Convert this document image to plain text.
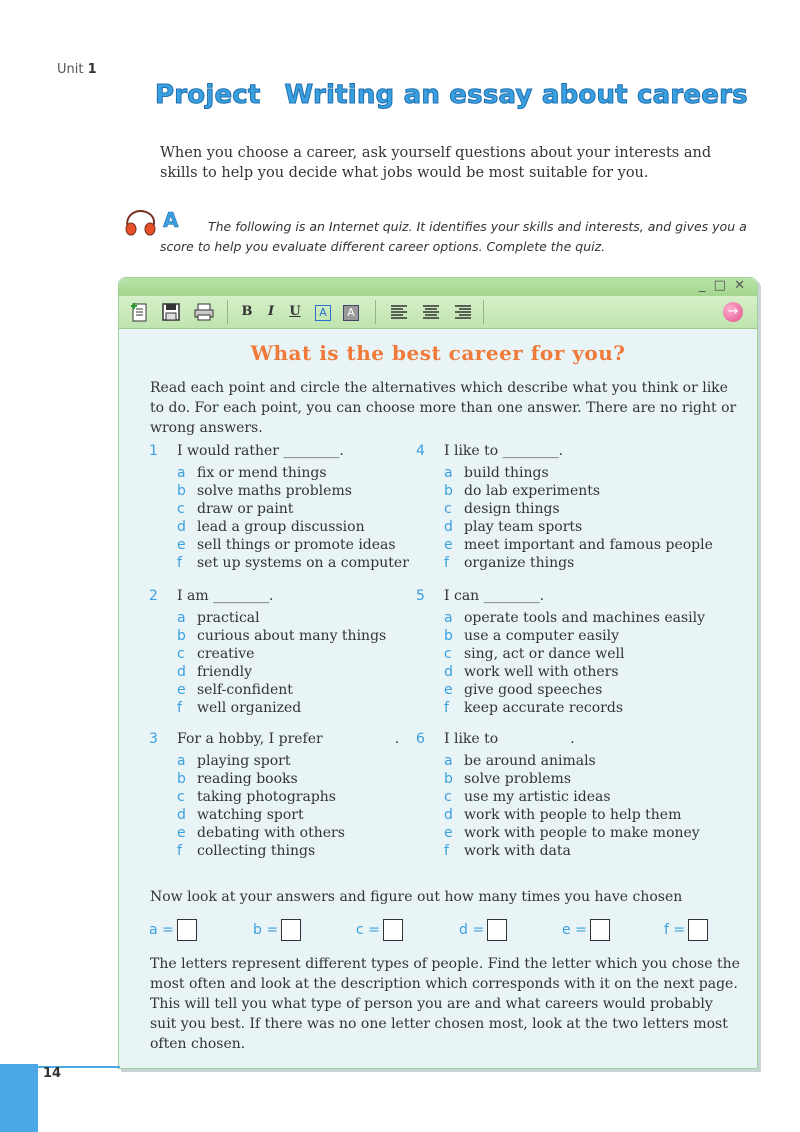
Unit 1
Project Writing an essay about careers
When you choose a career, ask yourself questions about your interests and skills to help you decide what jobs would be most suitable for you.
A	The following is an Internet quiz. It identifies your skills and interests, and gives you a score to help you evaluate different career options. Complete the quiz.
_ □ ✕
B	I	U	A	A	→
What is the best career for you?
Read each point and circle the alternatives which describe what you think or like to do. For each point, you can choose more than one answer. There are no right or wrong answers.
1 I would rather ________.
a fix or mend things
b solve maths problems
c draw or paint
d lead a group discussion
e sell things or promote ideas
f set up systems on a computer
2 I am ________.
a practical
b curious about many things
c creative
d friendly
e self-confident
f well organized
3 For a hobby, I prefer	.
a playing sport
b reading books
c taking photographs
d watching sport
e debating with others
f collecting things
4 I like to ________.
a build things
b do lab experiments
c design things
d play team sports
e meet important and famous people
f organize things
5 I can ________.
a operate tools and machines easily
b use a computer easily
c sing, act or dance well
d work well with others
e give good speeches
f keep accurate records
6 I like to	.
a be around animals
b solve problems
c use my artistic ideas
d work with people to help them
e work with people to make money
f work with data
Now look at your answers and figure out how many times you have chosen
a =	b =	c =	d =	e =	f =
The letters represent different types of people. Find the letter which you chose the most often and look at the description which corresponds with it on the next page. This will tell you what type of person you are and what careers would probably suit you best. If there was no one letter chosen most, look at the two letters most often chosen.
14
